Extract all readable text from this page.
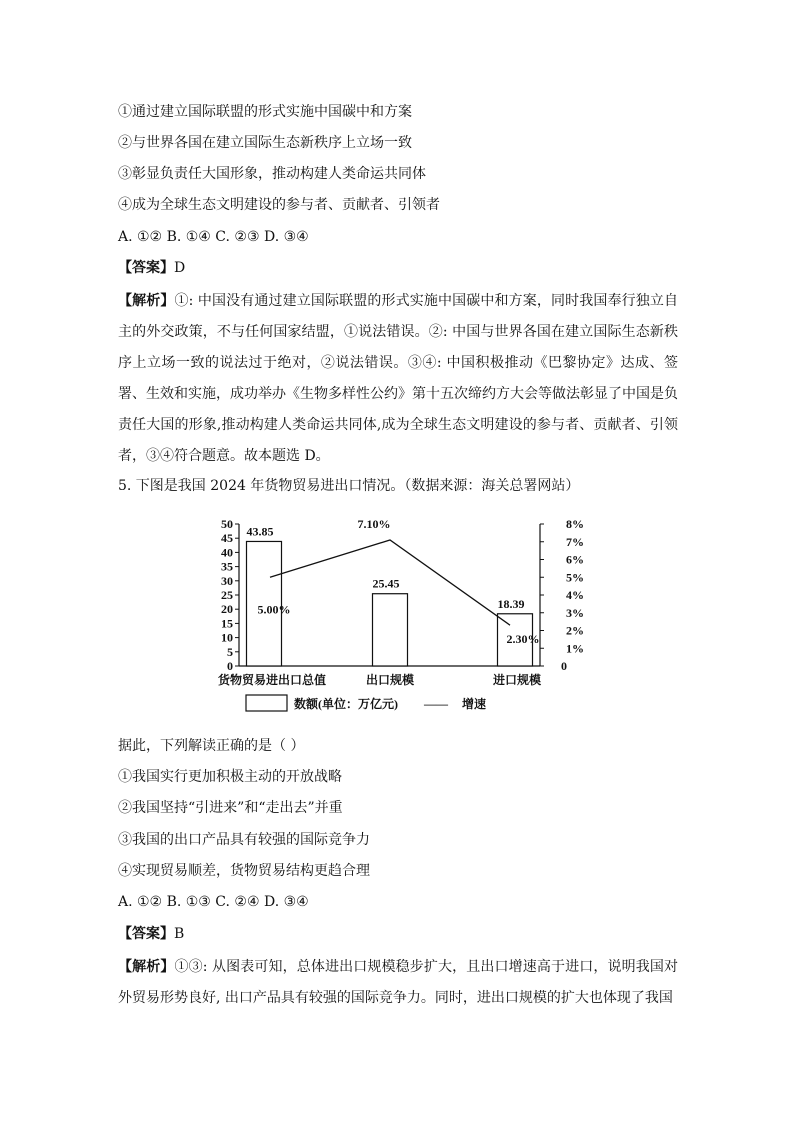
①通过建立国际联盟的形式实施中国碳中和方案
②与世界各国在建立国际生态新秩序上立场一致
③彰显负责任大国形象，推动构建人类命运共同体
④成为全球生态文明建设的参与者、贡献者、引领者
A. ①② B. ①④ C. ②③ D. ③④
【答案】D
【解析】①: 中国没有通过建立国际联盟的形式实施中国碳中和方案，同时我国奉行独立自主的外交政策，不与任何国家结盟，①说法错误。②: 中国与世界各国在建立国际生态新秩序上立场一致的说法过于绝对，②说法错误。③④: 中国积极推动《巴黎协定》达成、签署、生效和实施，成功举办《生物多样性公约》第十五次缔约方大会等做法彰显了中国是负责任大国的形象,推动构建人类命运共同体,成为全球生态文明建设的参与者、贡献者、引领者，③④符合题意。故本题选 D。
5. 下图是我国 2024 年货物贸易进出口情况。（数据来源：海关总署网站）
0
5
10
15
20
25
30
35
40
45
50
0
1%
2%
3%
4%
5%
6%
7%
8%
43.85
25.45
18.39
5.00%
7.10%
2.30%
货物贸易进出口总值	出口规模	进口规模
数额(单位：万亿元) —— 增速
据此，下列解读正确的是（ ）
①我国实行更加积极主动的开放战略
②我国坚持“引进来”和“走出去”并重
③我国的出口产品具有较强的国际竞争力
④实现贸易顺差，货物贸易结构更趋合理
A. ①② B. ①③ C. ②④ D. ③④
【答案】B
【解析】①③: 从图表可知，总体进出口规模稳步扩大，且出口增速高于进口，说明我国对外贸易形势良好, 出口产品具有较强的国际竞争力。同时，进出口规模的扩大也体现了我国
